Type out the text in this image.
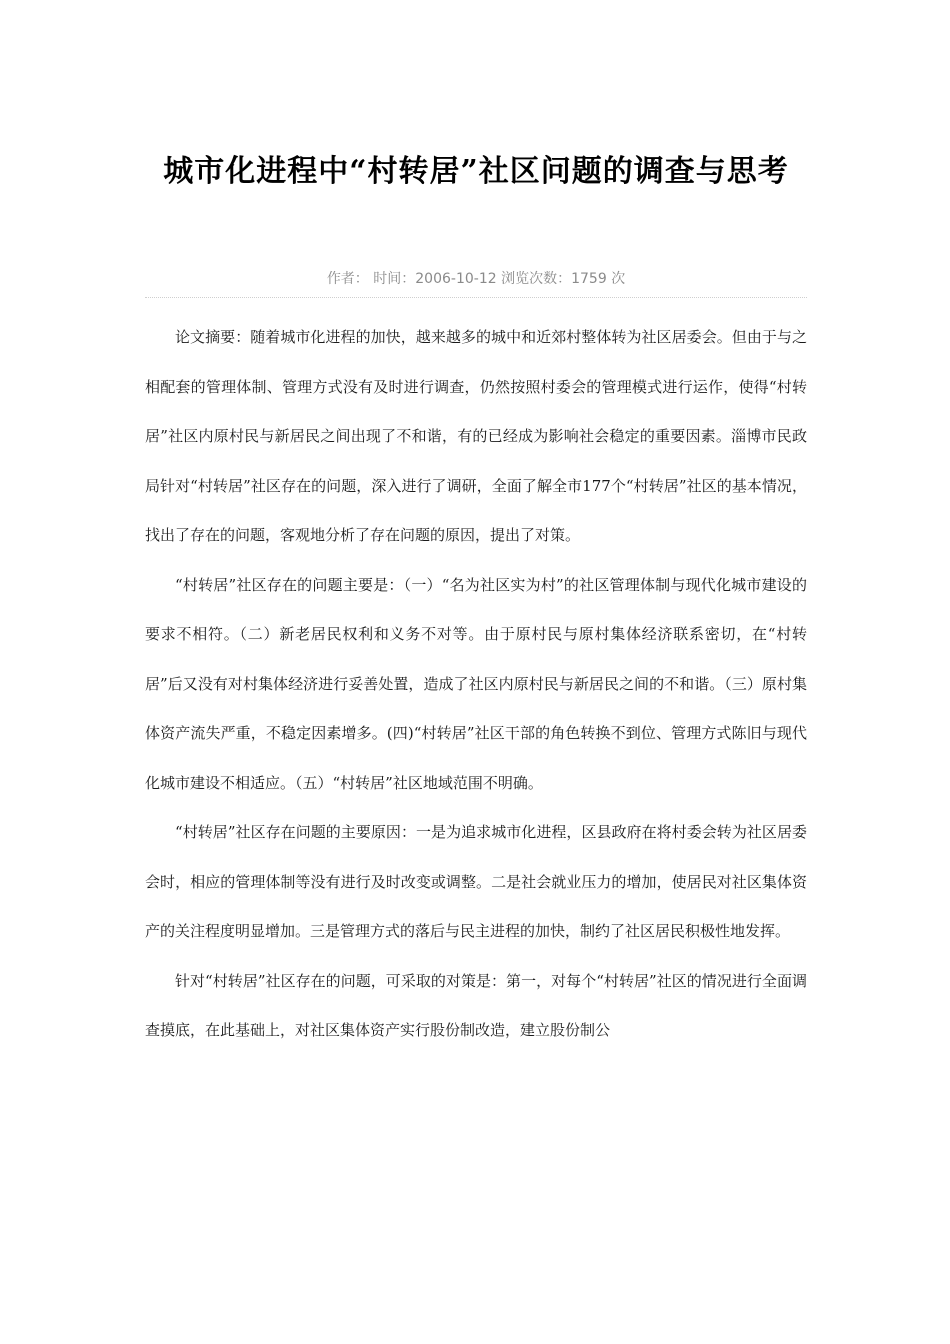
城市化进程中“村转居”社区问题的调查与思考
作者： 时间：2006-10-12 浏览次数：1759 次

论文摘要：随着城市化进程的加快，越来越多的城中和近郊村整体转为社区居委会。但由于与之相配套的管理体制、管理方式没有及时进行调查，仍然按照村委会的管理模式进行运作，使得“村转居”社区内原村民与新居民之间出现了不和谐，有的已经成为影响社会稳定的重要因素。淄博市民政局针对“村转居”社区存在的问题，深入进行了调研，全面了解全市177个“村转居”社区的基本情况，找出了存在的问题，客观地分析了存在问题的原因，提出了对策。

“村转居”社区存在的问题主要是：（一）“名为社区实为村”的社区管理体制与现代化城市建设的要求不相符。（二）新老居民权利和义务不对等。由于原村民与原村集体经济联系密切，在“村转居”后又没有对村集体经济进行妥善处置，造成了社区内原村民与新居民之间的不和谐。（三）原村集体资产流失严重，不稳定因素增多。(四)“村转居”社区干部的角色转换不到位、管理方式陈旧与现代化城市建设不相适应。（五）“村转居”社区地域范围不明确。

“村转居”社区存在问题的主要原因：一是为追求城市化进程，区县政府在将村委会转为社区居委会时，相应的管理体制等没有进行及时改变或调整。二是社会就业压力的增加，使居民对社区集体资产的关注程度明显增加。三是管理方式的落后与民主进程的加快，制约了社区居民积极性地发挥。

针对“村转居”社区存在的问题，可采取的对策是：第一，对每个“村转居”社区的情况进行全面调查摸底，在此基础上，对社区集体资产实行股份制改造，建立股份制公
